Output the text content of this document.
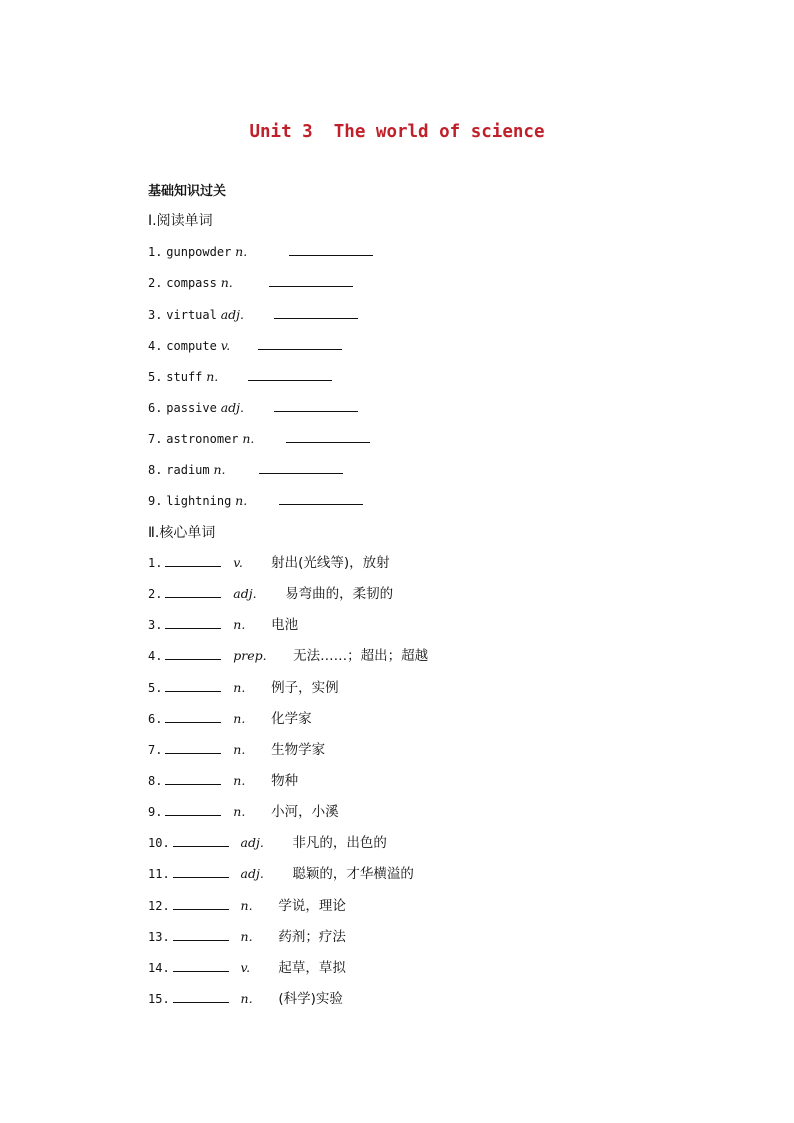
Unit 3  The world of science
基础知识过关
Ⅰ.阅读单词
1. gunpowder n.
2. compass n.
3. virtual adj.
4. compute v.
5. stuff n.
6. passive adj.
7. astronomer n.
8. radium n.
9. lightning n.
Ⅱ.核心单词
1.	v. 射出(光线等)，放射
2.	adj. 易弯曲的，柔韧的
3.	n. 电池
4.	prep. 无法……；超出；超越
5.	n. 例子，实例
6.	n. 化学家
7.	n. 生物学家
8.	n. 物种
9.	n. 小河，小溪
10.	adj. 非凡的，出色的
11.	adj. 聪颖的，才华横溢的
12.	n. 学说，理论
13.	n. 药剂；疗法
14.	v. 起草，草拟
15.	n. (科学)实验
